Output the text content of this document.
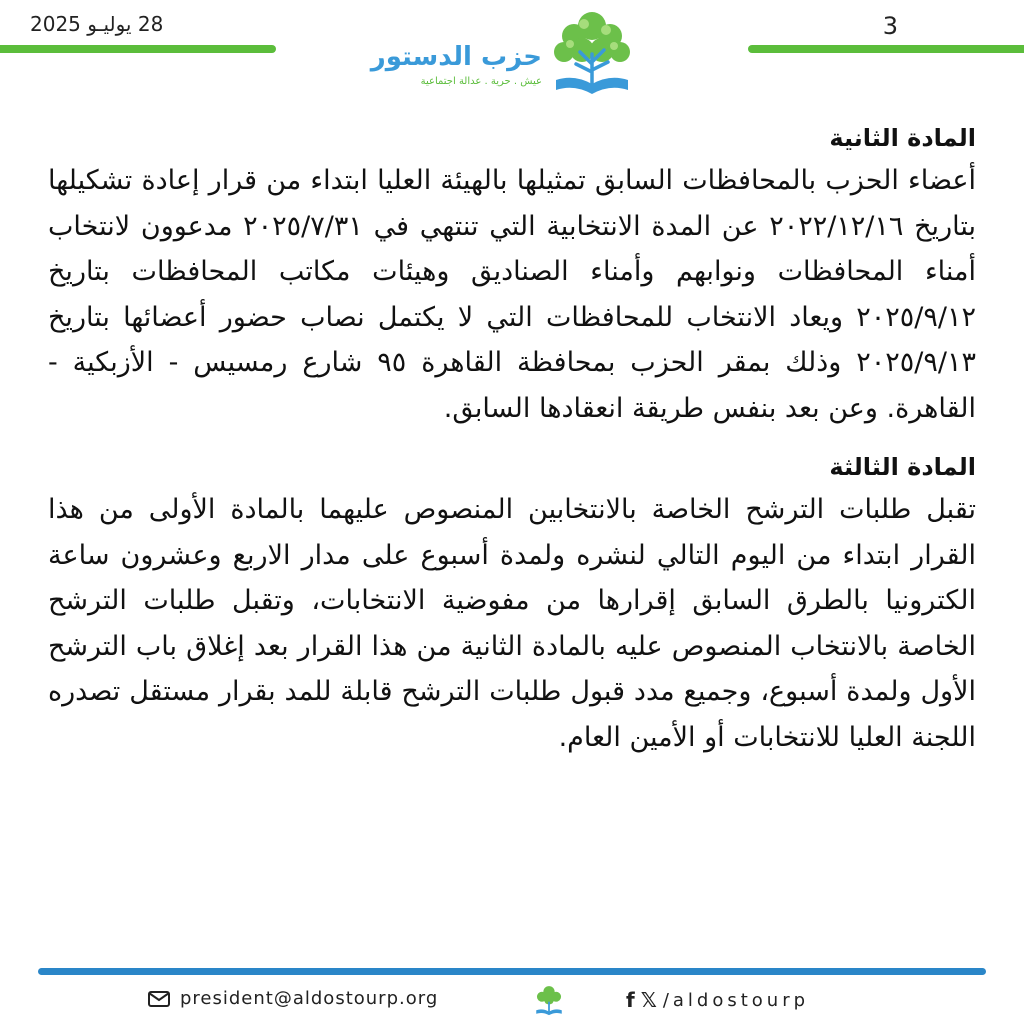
28 يوليـو 2025
حزب الدستور
عيش . حرية . عدالة اجتماعية
3
المادة الثانية
أعضاء الحزب بالمحافظات السابق تمثيلها بالهيئة العليا ابتداء من قرار إعادة تشكيلها بتاريخ ٢٠٢٢/١٢/١٦ عن المدة الانتخابية التي تنتهي في ٢٠٢٥/٧/٣١ مدعوون لانتخاب أمناء المحافظات ونوابهم وأمناء الصناديق وهيئات مكاتب المحافظات بتاريخ ٢٠٢٥/٩/١٢ ويعاد الانتخاب للمحافظات التي لا يكتمل نصاب حضور أعضائها بتاريخ ٢٠٢٥/٩/١٣ وذلك بمقر الحزب بمحافظة القاهرة ٩٥ شارع رمسيس - الأزبكية - القاهرة. وعن بعد بنفس طريقة انعقادها السابق.
المادة الثالثة
تقبل طلبات الترشح الخاصة بالانتخابين المنصوص عليهما بالمادة الأولى من هذا القرار ابتداء من اليوم التالي لنشره ولمدة أسبوع على مدار الاربع وعشرون ساعة الكترونيا بالطرق السابق إقرارها من مفوضية الانتخابات، وتقبل طلبات الترشح الخاصة بالانتخاب المنصوص عليه بالمادة الثانية من هذا القرار بعد إغلاق باب الترشح الأول ولمدة أسبوع، وجميع مدد قبول طلبات الترشح قابلة للمد بقرار مستقل تصدره اللجنة العليا للانتخابات أو الأمين العام.
president@aldostourp.org	f 𝕏 /aldostourp
